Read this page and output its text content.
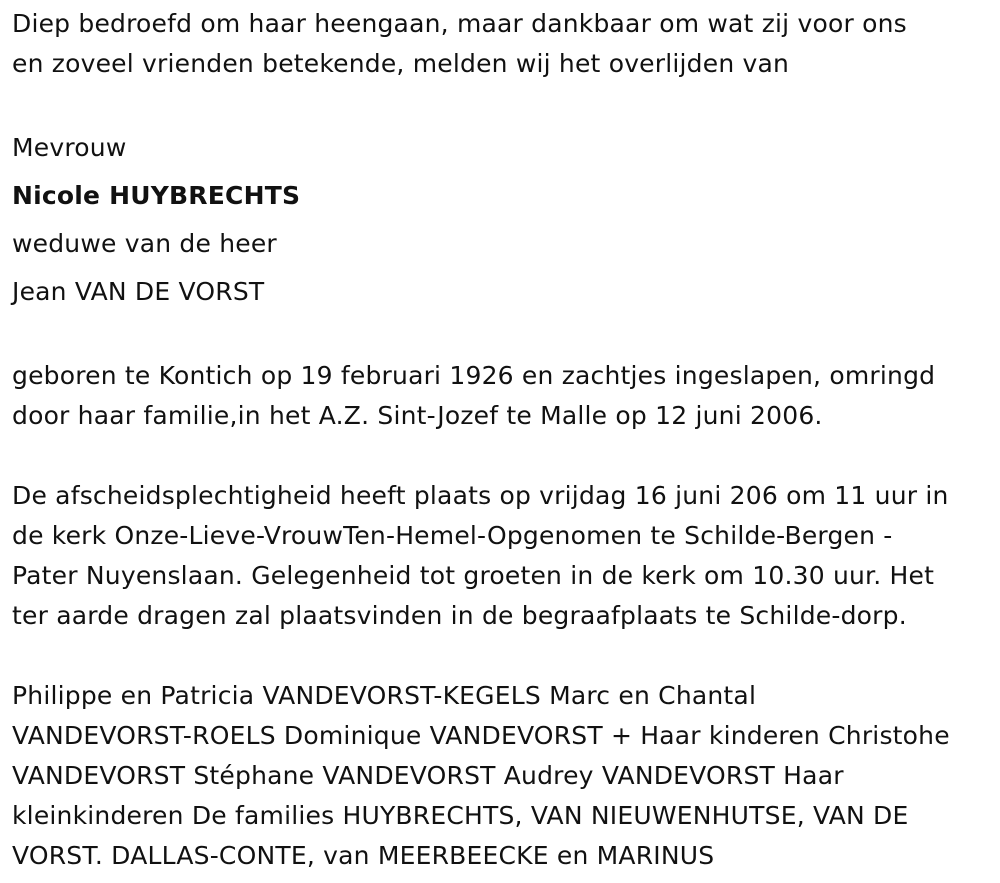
Diep bedroefd om haar heengaan, maar dankbaar om wat zij voor ons
en zoveel vrienden betekende, melden wij het overlijden van
Mevrouw
Nicole HUYBRECHTS
weduwe van de heer
Jean VAN DE VORST
geboren te Kontich op 19 februari 1926 en zachtjes ingeslapen, omringd
door haar familie,in het A.Z. Sint-Jozef te Malle op 12 juni 2006.
De afscheidsplechtigheid heeft plaats op vrijdag 16 juni 206 om 11 uur in
de kerk Onze-Lieve-VrouwTen-Hemel-Opgenomen te Schilde-Bergen -
Pater Nuyenslaan. Gelegenheid tot groeten in de kerk om 10.30 uur. Het
ter aarde dragen zal plaatsvinden in de begraafplaats te Schilde-dorp.
Philippe en Patricia VANDEVORST-KEGELS Marc en Chantal
VANDEVORST-ROELS Dominique VANDEVORST + Haar kinderen Christohe
VANDEVORST Stéphane VANDEVORST Audrey VANDEVORST Haar
kleinkinderen De families HUYBRECHTS, VAN NIEUWENHUTSE, VAN DE
VORST. DALLAS-CONTE, van MEERBEECKE en MARINUS
